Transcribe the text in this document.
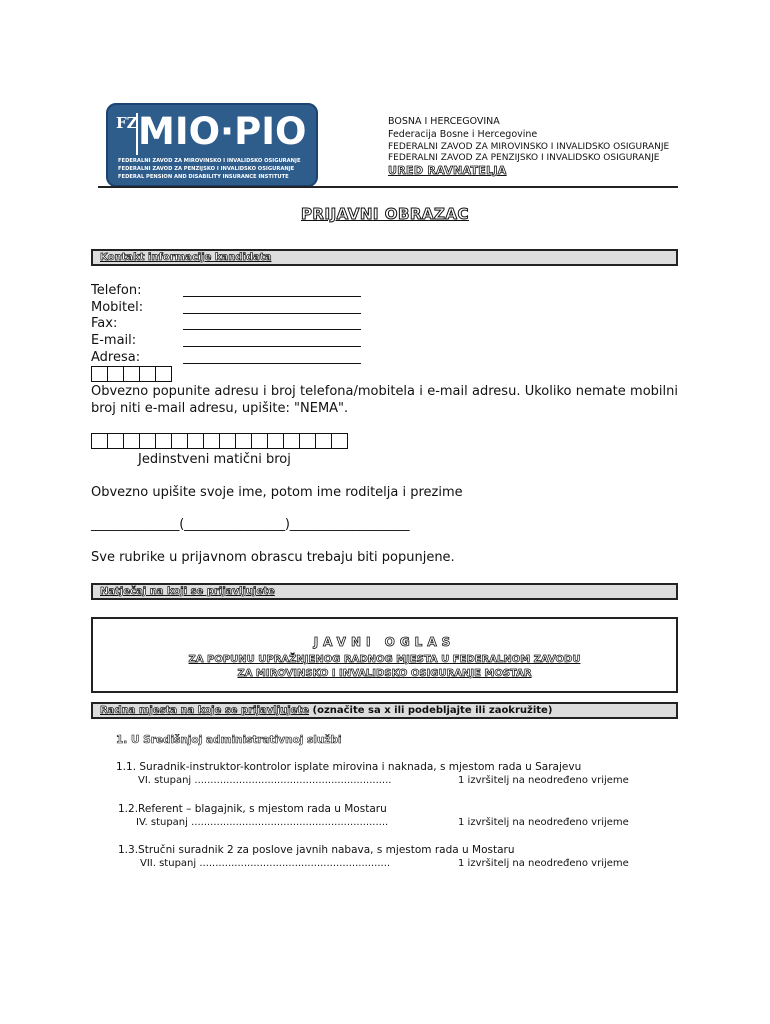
FZ MIO·PIO
FEDERALNI ZAVOD ZA MIROVINSKO I INVALIDSKO OSIGURANJE
FEDERALNI ZAVOD ZA PENZIJSKO I INVALIDSKO OSIGURANJE
FEDERAL PENSION AND DISABILITY INSURANCE INSTITUTE
BOSNA I HERCEGOVINA
Federacija Bosne i Hercegovine
FEDERALNI ZAVOD ZA MIROVINSKO I INVALIDSKO OSIGURANJE
FEDERALNI ZAVOD ZA PENZIJSKO I INVALIDSKO OSIGURANJE
URED RAVNATELJA
PRIJAVNI OBRAZAC
Kontakt informacije kandidata
Telefon:
Mobitel:
Fax:
E-mail:
Adresa:
Obvezno popunite adresu i broj telefona/mobitela i e-mail adresu. Ukoliko nemate mobilni broj niti e-mail adresu, upišite: "NEMA".
Jedinstveni matični broj
Obvezno upišite svoje ime, potom ime roditelja i prezime
______________(________________)___________________
Sve rubrike u prijavnom obrascu trebaju biti popunjene.
Natječaj na koji se prijavljujete
JAVNI OGLAS
ZA POPUNU UPRAŽNJENOG RADNOG MJESTA U FEDERALNOM ZAVODU
ZA MIROVINSKO I INVALIDSKO OSIGURANJE MOSTAR
Radna mjesta na koje se prijavljujete (označite sa x ili podebljajte ili zaokružite)
1. U Središnjoj administrativnoj službi
1.1. Suradnik-instruktor-kontrolor isplate mirovina i naknada, s mjestom rada u Sarajevu
VI. stupanj ..............................................................	1 izvršitelj na neodređeno vrijeme
1.2.Referent – blagajnik, s mjestom rada u Mostaru
IV. stupanj ..............................................................	1 izvršitelj na neodređeno vrijeme
1.3.Stručni suradnik 2 za poslove javnih nabava, s mjestom rada u Mostaru
VII. stupanj ............................................................	1 izvršitelj na neodređeno vrijeme
